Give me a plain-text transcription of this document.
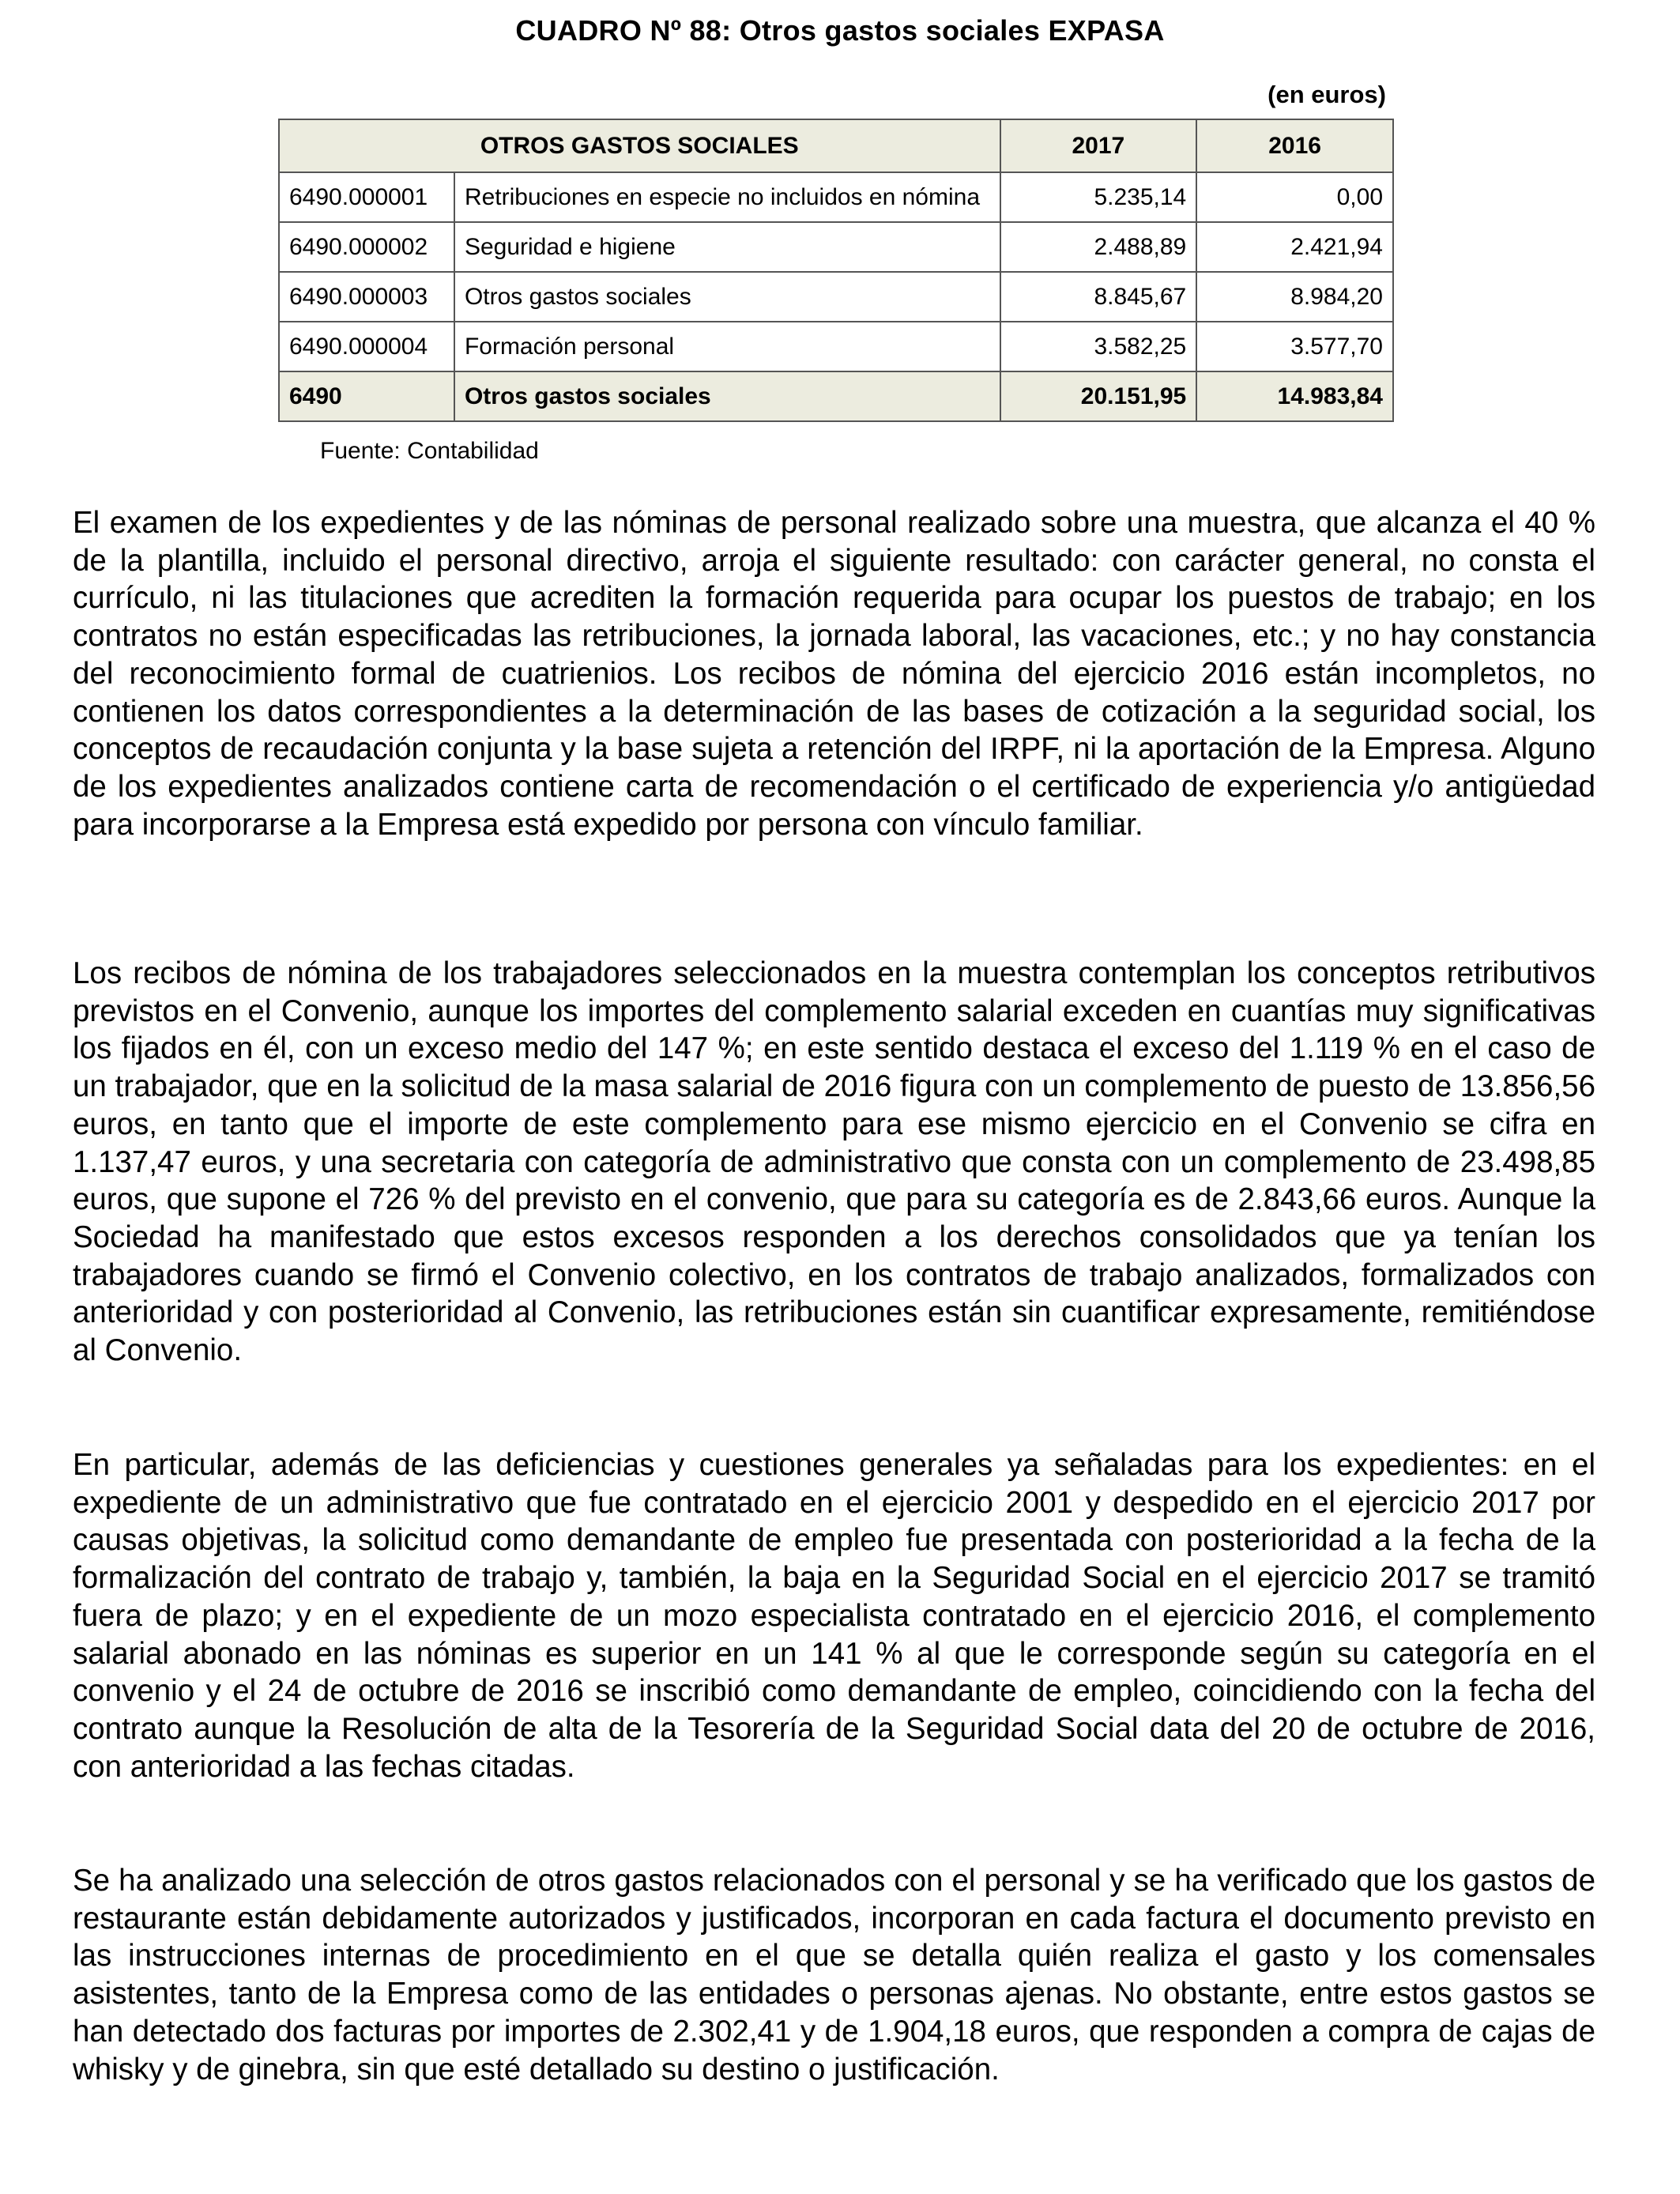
CUADRO Nº 88: Otros gastos sociales EXPASA
(en euros)
OTROS GASTOS SOCIALES		2017	2016
6490.000001	Retribuciones en especie no incluidos en nómina	5.235,14	0,00
6490.000002	Seguridad e higiene	2.488,89	2.421,94
6490.000003	Otros gastos sociales	8.845,67	8.984,20
6490.000004	Formación personal	3.582,25	3.577,70
6490	Otros gastos sociales	20.151,95	14.983,84
Fuente: Contabilidad

El examen de los expedientes y de las nóminas de personal realizado sobre una muestra, que alcanza el 40 % de la plantilla, incluido el personal directivo, arroja el siguiente resultado: con carácter general, no consta el currículo, ni las titulaciones que acrediten la formación requerida para ocupar los puestos de trabajo; en los contratos no están especificadas las retribuciones, la jornada laboral, las vacaciones, etc.; y no hay constancia del reconocimiento formal de cuatrienios. Los recibos de nómina del ejercicio 2016 están incompletos, no contienen los datos correspondientes a la determinación de las bases de cotización a la seguridad social, los conceptos de recaudación conjunta y la base sujeta a retención del IRPF, ni la aportación de la Empresa. Alguno de los expedientes analizados contiene carta de recomendación o el certificado de experiencia y/o antigüedad para incorporarse a la Empresa está expedido por persona con vínculo familiar.

Los recibos de nómina de los trabajadores seleccionados en la muestra contemplan los conceptos retributivos previstos en el Convenio, aunque los importes del complemento salarial exceden en cuantías muy significativas los fijados en él, con un exceso medio del 147 %; en este sentido destaca el exceso del 1.119 % en el caso de un trabajador, que en la solicitud de la masa salarial de 2016 figura con un complemento de puesto de 13.856,56 euros, en tanto que el importe de este complemento para ese mismo ejercicio en el Convenio se cifra en 1.137,47 euros, y una secretaria con categoría de administrativo que consta con un complemento de 23.498,85 euros, que supone el 726 % del previsto en el convenio, que para su categoría es de 2.843,66 euros. Aunque la Sociedad ha manifestado que estos excesos responden a los derechos consolidados que ya tenían los trabajadores cuando se firmó el Convenio colectivo, en los contratos de trabajo analizados, formalizados con anterioridad y con posterioridad al Convenio, las retribuciones están sin cuantificar expresamente, remitiéndose al Convenio.

En particular, además de las deficiencias y cuestiones generales ya señaladas para los expedientes: en el expediente de un administrativo que fue contratado en el ejercicio 2001 y despedido en el ejercicio 2017 por causas objetivas, la solicitud como demandante de empleo fue presentada con posterioridad a la fecha de la formalización del contrato de trabajo y, también, la baja en la Seguridad Social en el ejercicio 2017 se tramitó fuera de plazo; y en el expediente de un mozo especialista contratado en el ejercicio 2016, el complemento salarial abonado en las nóminas es superior en un 141 % al que le corresponde según su categoría en el convenio y el 24 de octubre de 2016 se inscribió como demandante de empleo, coincidiendo con la fecha del contrato aunque la Resolución de alta de la Tesorería de la Seguridad Social data del 20 de octubre de 2016, con anterioridad a las fechas citadas.

Se ha analizado una selección de otros gastos relacionados con el personal y se ha verificado que los gastos de restaurante están debidamente autorizados y justificados, incorporan en cada factura el documento previsto en las instrucciones internas de procedimiento en el que se detalla quién realiza el gasto y los comensales asistentes, tanto de la Empresa como de las entidades o personas ajenas. No obstante, entre estos gastos se han detectado dos facturas por importes de 2.302,41 y de 1.904,18 euros, que responden a compra de cajas de whisky y de ginebra, sin que esté detallado su destino o justificación.
